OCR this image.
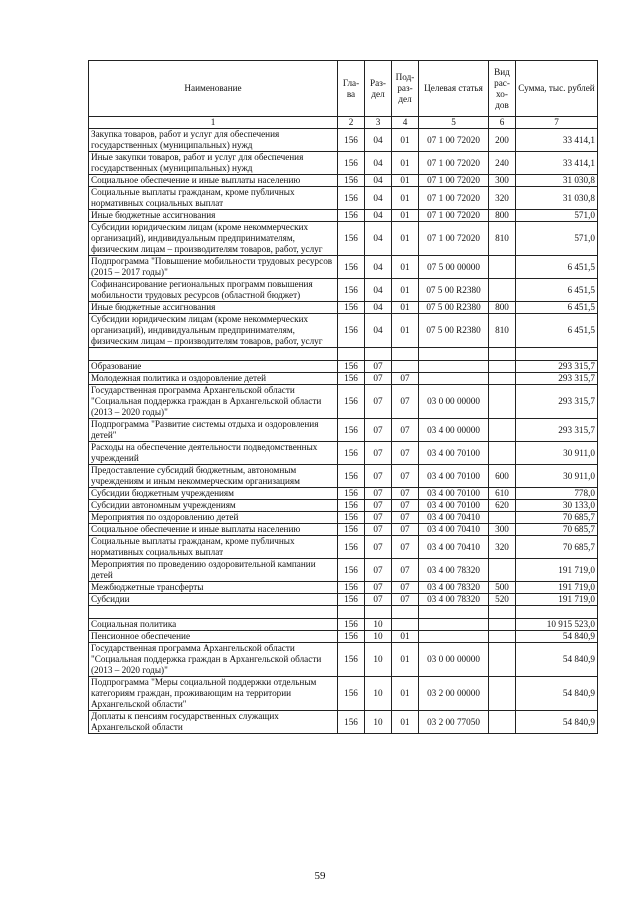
Наименование	Гла-ва	Раз-дел	Под-раз-дел	Целевая статья	Вид рас-хо-дов	Сумма, тыс. рублей
1	2	3	4	5	6	7
Закупка товаров, работ и услуг для обеспечения государственных (муниципальных) нужд	156	04	01	07 1 00 72020	200	33 414,1
Иные закупки товаров, работ и услуг для обеспечения государственных (муниципальных) нужд	156	04	01	07 1 00 72020	240	33 414,1
Социальное обеспечение и иные выплаты населению	156	04	01	07 1 00 72020	300	31 030,8
Социальные выплаты гражданам, кроме публичных нормативных социальных выплат	156	04	01	07 1 00 72020	320	31 030,8
Иные бюджетные ассигнования	156	04	01	07 1 00 72020	800	571,0
Субсидии юридическим лицам (кроме некоммерческих организаций), индивидуальным предпринимателям, физическим лицам – производителям товаров, работ, услуг	156	04	01	07 1 00 72020	810	571,0
Подпрограмма "Повышение мобильности трудовых ресурсов (2015 – 2017 годы)"	156	04	01	07 5 00 00000		6 451,5
Софинансирование региональных программ повышения мобильности трудовых ресурсов (областной бюджет)	156	04	01	07 5 00 R2380		6 451,5
Иные бюджетные ассигнования	156	04	01	07 5 00 R2380	800	6 451,5
Субсидии юридическим лицам (кроме некоммерческих организаций), индивидуальным предпринимателям, физическим лицам – производителям товаров, работ, услуг	156	04	01	07 5 00 R2380	810	6 451,5

Образование	156	07				293 315,7
Молодежная политика и оздоровление детей	156	07	07			293 315,7
Государственная программа Архангельской области "Социальная поддержка граждан в Архангельской области (2013 – 2020 годы)"	156	07	07	03 0 00 00000		293 315,7
Подпрограмма "Развитие системы отдыха и оздоровления детей"	156	07	07	03 4 00 00000		293 315,7
Расходы на обеспечение деятельности подведомственных учреждений	156	07	07	03 4 00 70100		30 911,0
Предоставление субсидий бюджетным, автономным учреждениям и иным некоммерческим организациям	156	07	07	03 4 00 70100	600	30 911,0
Субсидии бюджетным учреждениям	156	07	07	03 4 00 70100	610	778,0
Субсидии автономным учреждениям	156	07	07	03 4 00 70100	620	30 133,0
Мероприятия по оздоровлению детей	156	07	07	03 4 00 70410		70 685,7
Социальное обеспечение и иные выплаты населению	156	07	07	03 4 00 70410	300	70 685,7
Социальные выплаты гражданам, кроме публичных нормативных социальных выплат	156	07	07	03 4 00 70410	320	70 685,7
Мероприятия по проведению оздоровительной кампании детей	156	07	07	03 4 00 78320		191 719,0
Межбюджетные трансферты	156	07	07	03 4 00 78320	500	191 719,0
Субсидии	156	07	07	03 4 00 78320	520	191 719,0

Социальная политика	156	10				10 915 523,0
Пенсионное обеспечение	156	10	01			54 840,9
Государственная программа Архангельской области "Социальная поддержка граждан в Архангельской области (2013 – 2020 годы)"	156	10	01	03 0 00 00000		54 840,9
Подпрограмма "Меры социальной поддержки отдельным категориям граждан, проживающим на территории Архангельской области"	156	10	01	03 2 00 00000		54 840,9
Доплаты к пенсиям государственных служащих Архангельской области	156	10	01	03 2 00 77050		54 840,9
59
